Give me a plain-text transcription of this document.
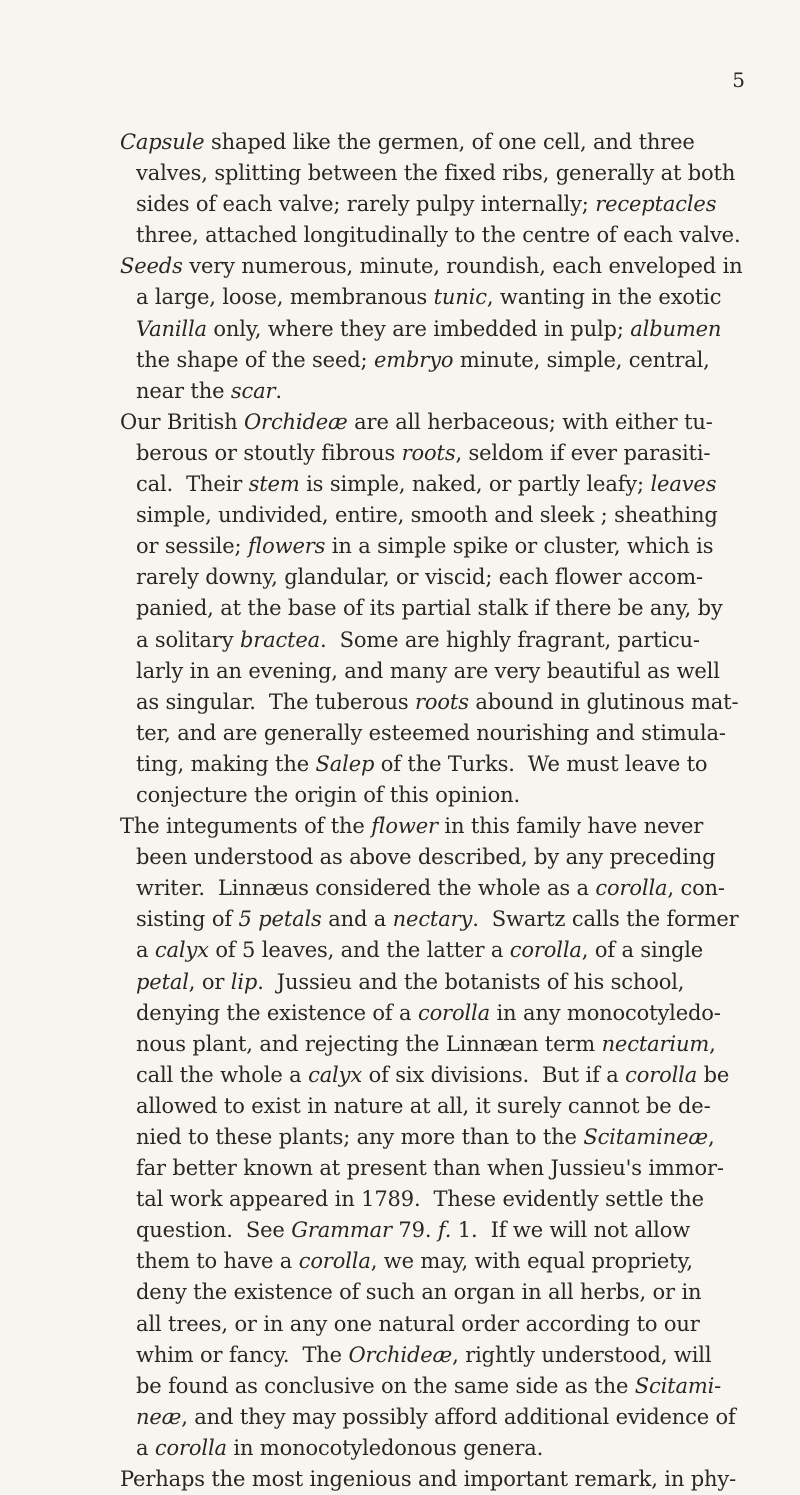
5
Capsule shaped like the germen, of one cell, and three
valves, splitting between the fixed ribs, generally at both
sides of each valve; rarely pulpy internally; receptacles
three, attached longitudinally to the centre of each valve.
Seeds very numerous, minute, roundish, each enveloped in
a large, loose, membranous tunic, wanting in the exotic
Vanilla only, where they are imbedded in pulp; albumen
the shape of the seed; embryo minute, simple, central,
near the scar.
Our British Orchideæ are all herbaceous; with either tu-
berous or stoutly fibrous roots, seldom if ever parasiti-
cal.  Their stem is simple, naked, or partly leafy; leaves
simple, undivided, entire, smooth and sleek ; sheathing
or sessile; flowers in a simple spike or cluster, which is
rarely downy, glandular, or viscid; each flower accom-
panied, at the base of its partial stalk if there be any, by
a solitary bractea.  Some are highly fragrant, particu-
larly in an evening, and many are very beautiful as well
as singular.  The tuberous roots abound in glutinous mat-
ter, and are generally esteemed nourishing and stimula-
ting, making the Salep of the Turks.  We must leave to
conjecture the origin of this opinion.
The integuments of the flower in this family have never
been understood as above described, by any preceding
writer.  Linnæus considered the whole as a corolla, con-
sisting of 5 petals and a nectary.  Swartz calls the former
a calyx of 5 leaves, and the latter a corolla, of a single
petal, or lip.  Jussieu and the botanists of his school,
denying the existence of a corolla in any monocotyledo-
nous plant, and rejecting the Linnæan term nectarium,
call the whole a calyx of six divisions.  But if a corolla be
allowed to exist in nature at all, it surely cannot be de-
nied to these plants; any more than to the Scitamineæ,
far better known at present than when Jussieu's immor-
tal work appeared in 1789.  These evidently settle the
question.  See Grammar 79. f. 1.  If we will not allow
them to have a corolla, we may, with equal propriety,
deny the existence of such an organ in all herbs, or in
all trees, or in any one natural order according to our
whim or fancy.  The Orchideæ, rightly understood, will
be found as conclusive on the same side as the Scitami-
neæ, and they may possibly afford additional evidence of
a corolla in monocotyledonous genera.
Perhaps the most ingenious and important remark, in phy-
